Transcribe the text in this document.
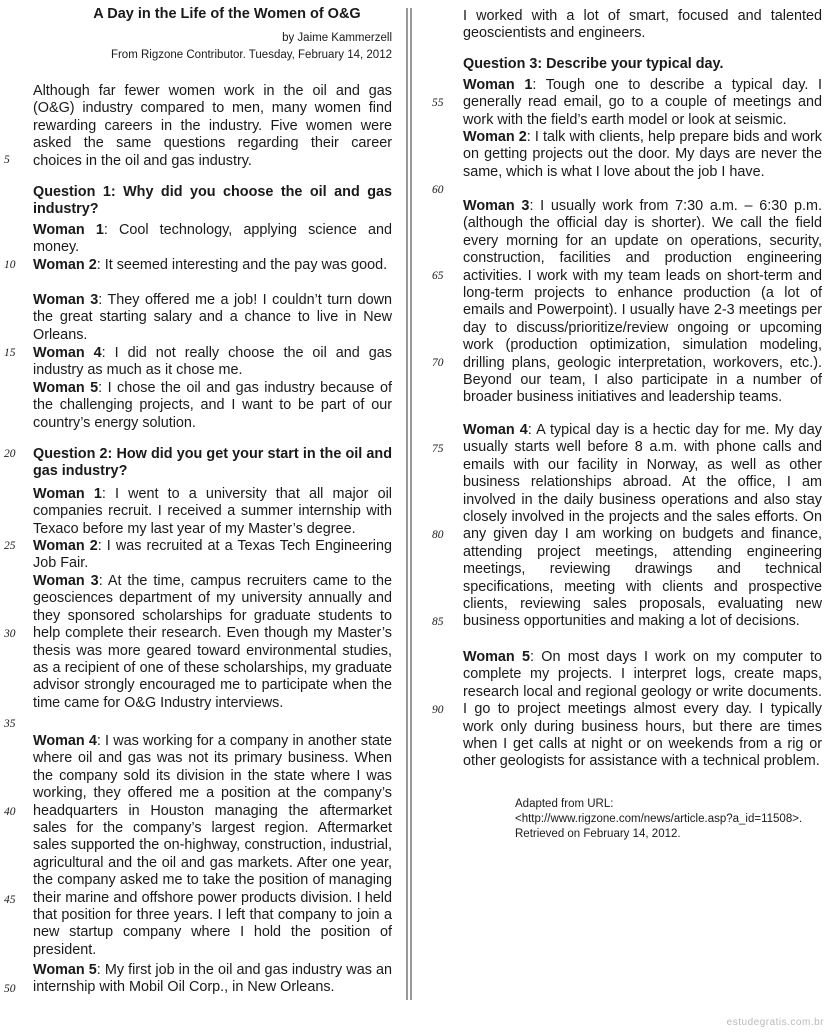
A Day in the Life of the Women of O&G
by Jaime Kammerzell
From Rigzone Contributor. Tuesday, February 14, 2012
Although far fewer women work in the oil and gas (O&G) industry compared to men, many women find rewarding careers in the industry. Five women were asked the same questions regarding their career choices in the oil and gas industry.
Question 1: Why did you choose the oil and gas industry?
Woman 1: Cool technology, applying science and money.
Woman 2: It seemed interesting and the pay was good.
Woman 3: They offered me a job! I couldn’t turn down the great starting salary and a chance to live in New Orleans.
Woman 4: I did not really choose the oil and gas industry as much as it chose me.
Woman 5: I chose the oil and gas industry because of the challenging projects, and I want to be part of our country’s energy solution.
Question 2: How did you get your start in the oil and gas industry?
Woman 1: I went to a university that all major oil companies recruit. I received a summer internship with Texaco before my last year of my Master’s degree.
Woman 2: I was recruited at a Texas Tech Engineering Job Fair.
Woman 3: At the time, campus recruiters came to the geosciences department of my university annually and they sponsored scholarships for graduate students to help complete their research. Even though my Master’s thesis was more geared toward environmental studies, as a recipient of one of these scholarships, my graduate advisor strongly encouraged me to participate when the time came for O&G Industry interviews.
Woman 4: I was working for a company in another state where oil and gas was not its primary business. When the company sold its division in the state where I was working, they offered me a position at the company’s headquarters in Houston managing the aftermarket sales for the company’s largest region. Aftermarket sales supported the on-highway, construction, industrial, agricultural and the oil and gas markets. After one year, the company asked me to take the position of managing their marine and offshore power products division. I held that position for three years. I left that company to join a new startup company where I hold the position of president.
Woman 5: My first job in the oil and gas industry was an internship with Mobil Oil Corp., in New Orleans.
I worked with a lot of smart, focused and talented geoscientists and engineers.
Question 3: Describe your typical day.
Woman 1: Tough one to describe a typical day. I generally read email, go to a couple of meetings and work with the field’s earth model or look at seismic.
Woman 2: I talk with clients, help prepare bids and work on getting projects out the door. My days are never the same, which is what I love about the job I have.
Woman 3: I usually work from 7:30 a.m. – 6:30 p.m. (although the official day is shorter). We call the field every morning for an update on operations, security, construction, facilities and production engineering activities. I work with my team leads on short-term and long-term projects to enhance production (a lot of emails and Powerpoint). I usually have 2-3 meetings per day to discuss/prioritize/review ongoing or upcoming work (production optimization, simulation modeling, drilling plans, geologic interpretation, workovers, etc.). Beyond our team, I also participate in a number of broader business initiatives and leadership teams.
Woman 4: A typical day is a hectic day for me. My day usually starts well before 8 a.m. with phone calls and emails with our facility in Norway, as well as other business relationships abroad. At the office, I am involved in the daily business operations and also stay closely involved in the projects and the sales efforts. On any given day I am working on budgets and finance, attending project meetings, attending engineering meetings, reviewing drawings and technical specifications, meeting with clients and prospective clients, reviewing sales proposals, evaluating new business opportunities and making a lot of decisions.
Woman 5: On most days I work on my computer to complete my projects. I interpret logs, create maps, research local and regional geology or write documents. I go to project meetings almost every day. I typically work only during business hours, but there are times when I get calls at night or on weekends from a rig or other geologists for assistance with a technical problem.
Adapted from URL: <http://www.rigzone.com/news/article.asp?a_id=11508>. Retrieved on February 14, 2012.
5
10
15
20
25
30
35
40
45
50
55
60
65
70
75
80
85
90
estudegratis.com.br
